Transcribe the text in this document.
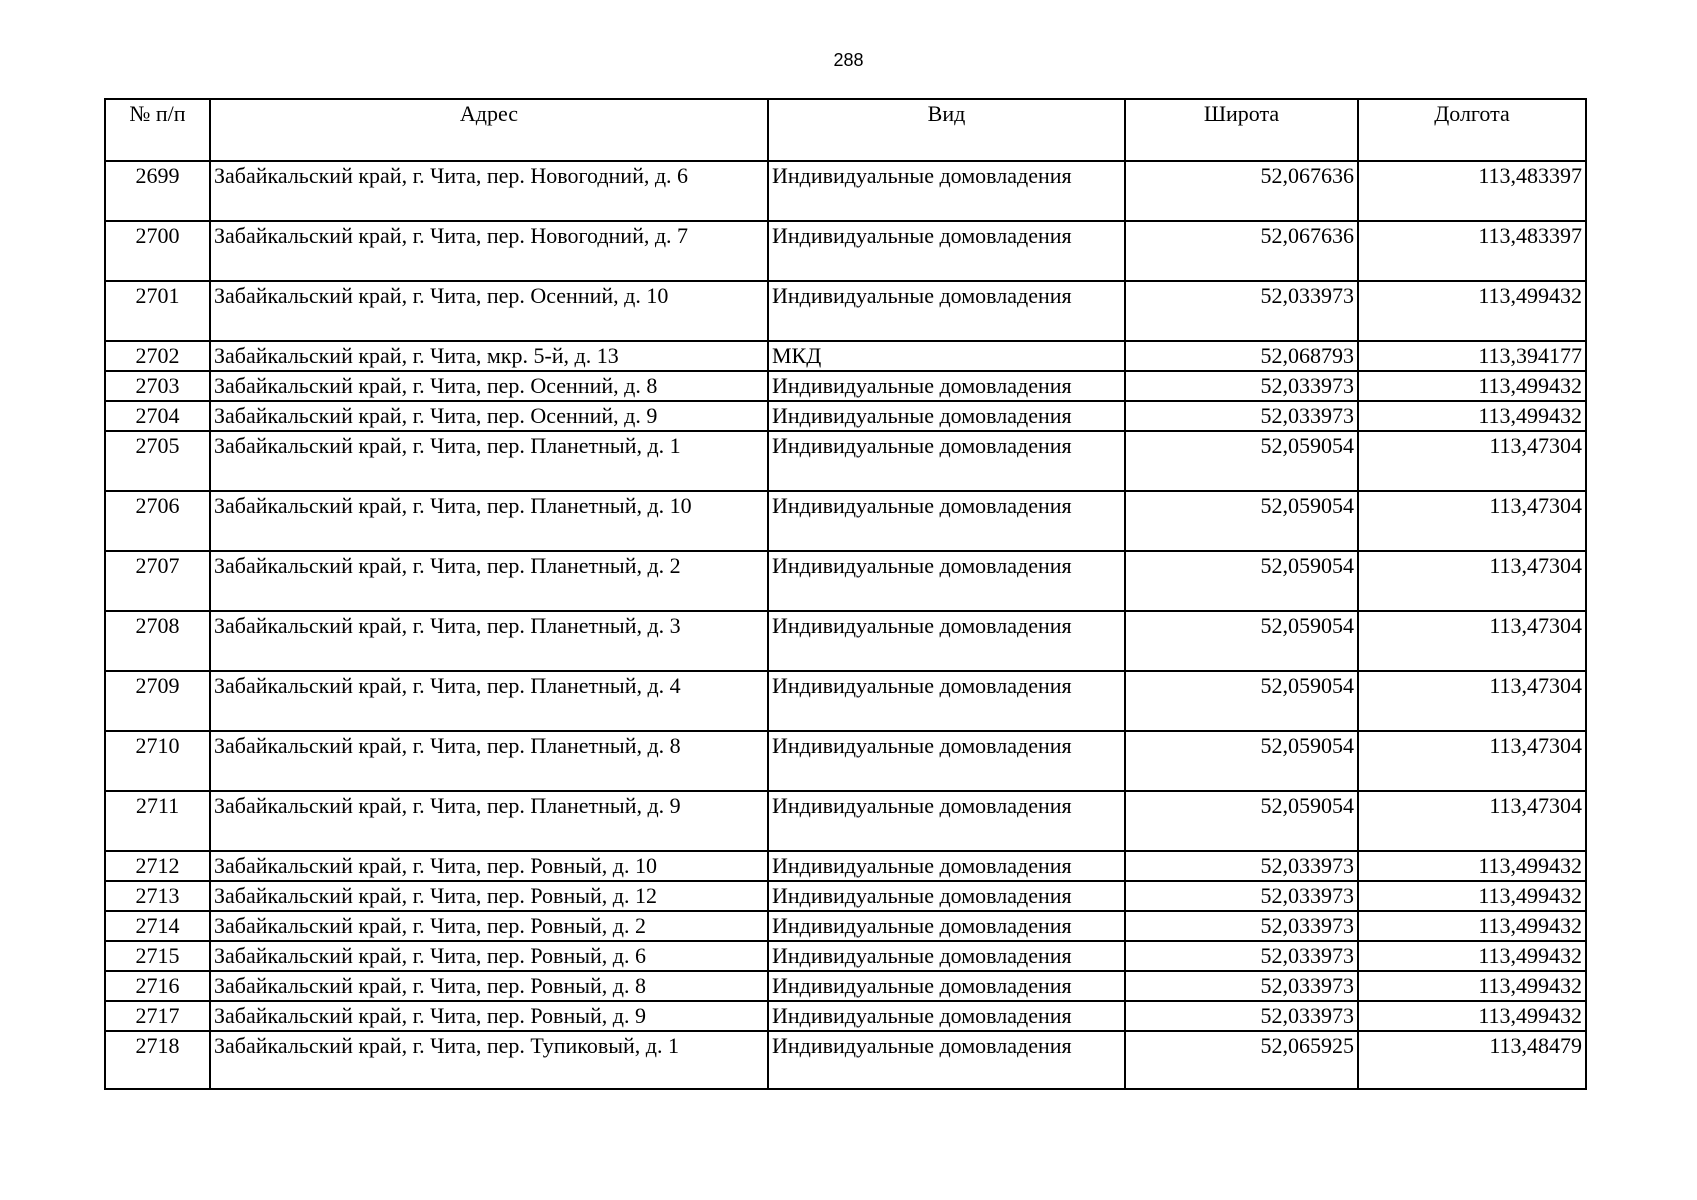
288
№ п/п	Адрес	Вид	Широта	Долгота
2699	Забайкальский край, г. Чита, пер. Новогодний, д. 6	Индивидуальные домовладения	52,067636	113,483397
2700	Забайкальский край, г. Чита, пер. Новогодний, д. 7	Индивидуальные домовладения	52,067636	113,483397
2701	Забайкальский край, г. Чита, пер. Осенний, д. 10	Индивидуальные домовладения	52,033973	113,499432
2702	Забайкальский край, г. Чита, мкр. 5-й, д. 13	МКД	52,068793	113,394177
2703	Забайкальский край, г. Чита, пер. Осенний, д. 8	Индивидуальные домовладения	52,033973	113,499432
2704	Забайкальский край, г. Чита, пер. Осенний, д. 9	Индивидуальные домовладения	52,033973	113,499432
2705	Забайкальский край, г. Чита, пер. Планетный, д. 1	Индивидуальные домовладения	52,059054	113,47304
2706	Забайкальский край, г. Чита, пер. Планетный, д. 10	Индивидуальные домовладения	52,059054	113,47304
2707	Забайкальский край, г. Чита, пер. Планетный, д. 2	Индивидуальные домовладения	52,059054	113,47304
2708	Забайкальский край, г. Чита, пер. Планетный, д. 3	Индивидуальные домовладения	52,059054	113,47304
2709	Забайкальский край, г. Чита, пер. Планетный, д. 4	Индивидуальные домовладения	52,059054	113,47304
2710	Забайкальский край, г. Чита, пер. Планетный, д. 8	Индивидуальные домовладения	52,059054	113,47304
2711	Забайкальский край, г. Чита, пер. Планетный, д. 9	Индивидуальные домовладения	52,059054	113,47304
2712	Забайкальский край, г. Чита, пер. Ровный, д. 10	Индивидуальные домовладения	52,033973	113,499432
2713	Забайкальский край, г. Чита, пер. Ровный, д. 12	Индивидуальные домовладения	52,033973	113,499432
2714	Забайкальский край, г. Чита, пер. Ровный, д. 2	Индивидуальные домовладения	52,033973	113,499432
2715	Забайкальский край, г. Чита, пер. Ровный, д. 6	Индивидуальные домовладения	52,033973	113,499432
2716	Забайкальский край, г. Чита, пер. Ровный, д. 8	Индивидуальные домовладения	52,033973	113,499432
2717	Забайкальский край, г. Чита, пер. Ровный, д. 9	Индивидуальные домовладения	52,033973	113,499432
2718	Забайкальский край, г. Чита, пер. Тупиковый, д. 1	Индивидуальные домовладения	52,065925	113,48479
